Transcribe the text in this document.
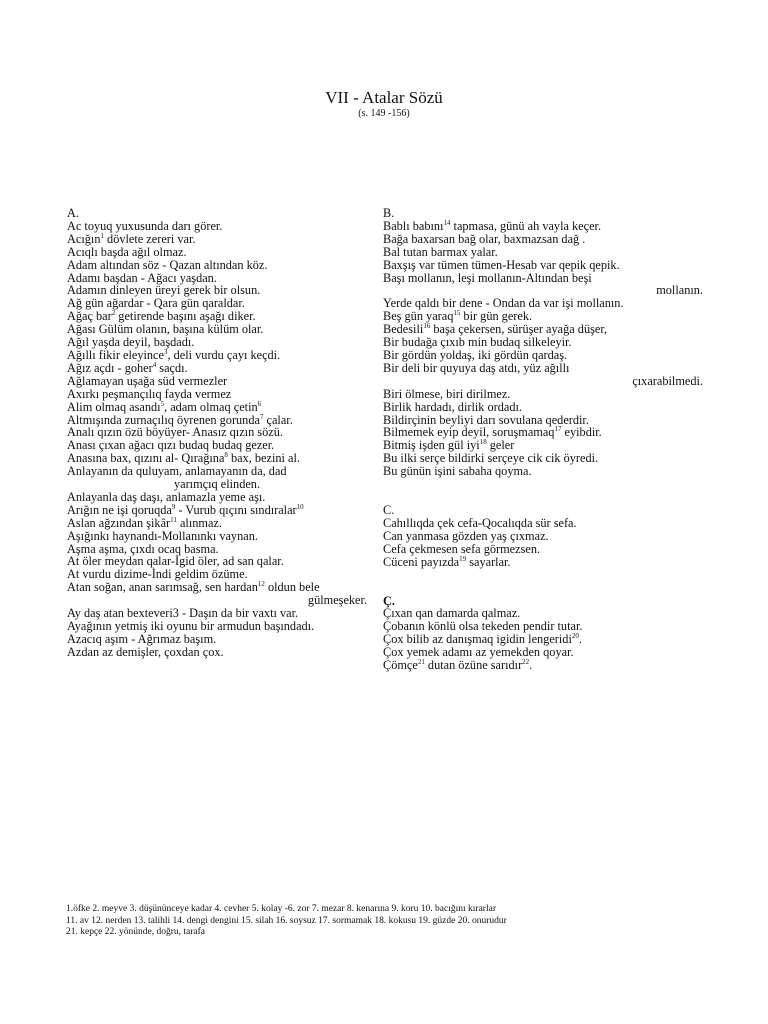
VII - Atalar Sözü
(s. 149 -156)
A.
Ac toyuq yuxusunda darı görer.
Acığın$^1$ dövlete zereri var.
Acıqlı başda ağıl olmaz.
Adam altından söz - Qazan altından köz.
Adamı başdan - Ağacı yaşdan.
Adamın dinleyen üreyi gerek bir olsun.
Ağ gün ağardar - Qara gün qaraldar.
Ağaç bar$^2$ getirende başını aşağı diker.
Ağası Gülüm olanın, başına külüm olar.
Ağıl yaşda deyil, başdadı.
Ağıllı fikir eleyince$^3$, deli vurdu çayı keçdi.
Ağız açdı - goher$^4$ saçdı.
Ağlamayan uşağa süd vermezler
Axırkı peşmançılıq fayda vermez
Alim olmaq asandı$^5$, adam olmaq çetin$^6$
Altmışında zurnaçılıq öyrenen gorunda$^7$ çalar.
Analı qızın özü böyüyer- Anasız qızın sözü.
Anası çıxan ağacı qızı budaq budaq gezer.
Anasına bax, qızını al- Qırağına$^8$ bax, bezini al.
Anlayanın da quluyam, anlamayanın da, dad
yarımçıq elinden.
Anlayanla daş daşı, anlamazla yeme aşı.
Arığın ne işi qoruqda$^9$ - Vurub qıçını sındıralar$^{10}$
Aslan ağzından şikâr$^{11}$ alınmaz.
Aşığınkı haynandı-Mollanınkı vaynan.
Aşma aşma, çıxdı ocaq basma.
At öler meydan qalar-İgid öler, ad san qalar.
At vurdu dizime-İndi geldim özüme.
Atan soğan, anan sarımsağ, sen hardan$^{12}$ oldun bele
gülmeşeker.
Ay daş atan bexteveri3 - Daşın da bir vaxtı var.
Ayağının yetmiş iki oyunu bir armudun başındadı.
Azacıq aşım - Ağrımaz başım.
Azdan az demişler, çoxdan çox.
B.
Bablı babını$^{14}$ tapmasa, günü ah vayla keçer.
Bağa baxarsan bağ olar, baxmazsan dağ .
Bal tutan barmax yalar.
Baxşış var tümen tümen-Hesab var qepik qepik.
Başı mollanın, leşi mollanın-Altından beşi
mollanın.
Yerde qaldı bir dene - Ondan da var işi mollanın.
Beş gün yaraq$^{15}$ bir gün gerek.
Bedesili$^{16}$ başa çekersen, sürüşer ayağa düşer,
Bir budağa çıxıb min budaq silkeleyir.
Bir gördün yoldaş, iki gördün qardaş.
Bir deli bir quyuya daş atdı, yüz ağıllı
çıxarabilmedi.
Biri ölmese, biri dirilmez.
Birlik hardadı, dirlik ordadı.
Bildirçinin beyliyi darı sovulana qederdir.
Bilmemek eyip deyil, soruşmamaq$^{17}$ eyibdir.
Bitmiş işden gül iyi$^{18}$ geler
Bu ilki serçe bildirki serçeye cik cik öyredi.
Bu günün işini sabaha qoyma.
C.
Cahıllıqda çek cefa-Qocalıqda sür sefa.
Can yanmasa gözden yaş çıxmaz.
Cefa çekmesen sefa görmezsen.
Cüceni payızda$^{19}$ sayarlar.
Ç.
Çıxan qan damarda qalmaz.
Çobanın könlü olsa tekeden pendir tutar.
Çox bilib az danışmaq igidin lengeridi$^{20}$.
Çox yemek adamı az yemekden qoyar.
Çömçe$^{21}$ dutan özüne sarıdır$^{22}$.
1.öfke 2. meyve 3. düşününceye kadar 4. cevher 5. kolay -6. zor 7. mezar 8. kenarına 9. koru 10. bacığını kırarlar
11. av 12. nerden 13. talihli 14. dengi dengini 15. silah 16. soysuz 17. sormamak 18. kokusu 19. güzde 20. onurudur
21. kepçe 22. yönünde, doğru, tarafa
